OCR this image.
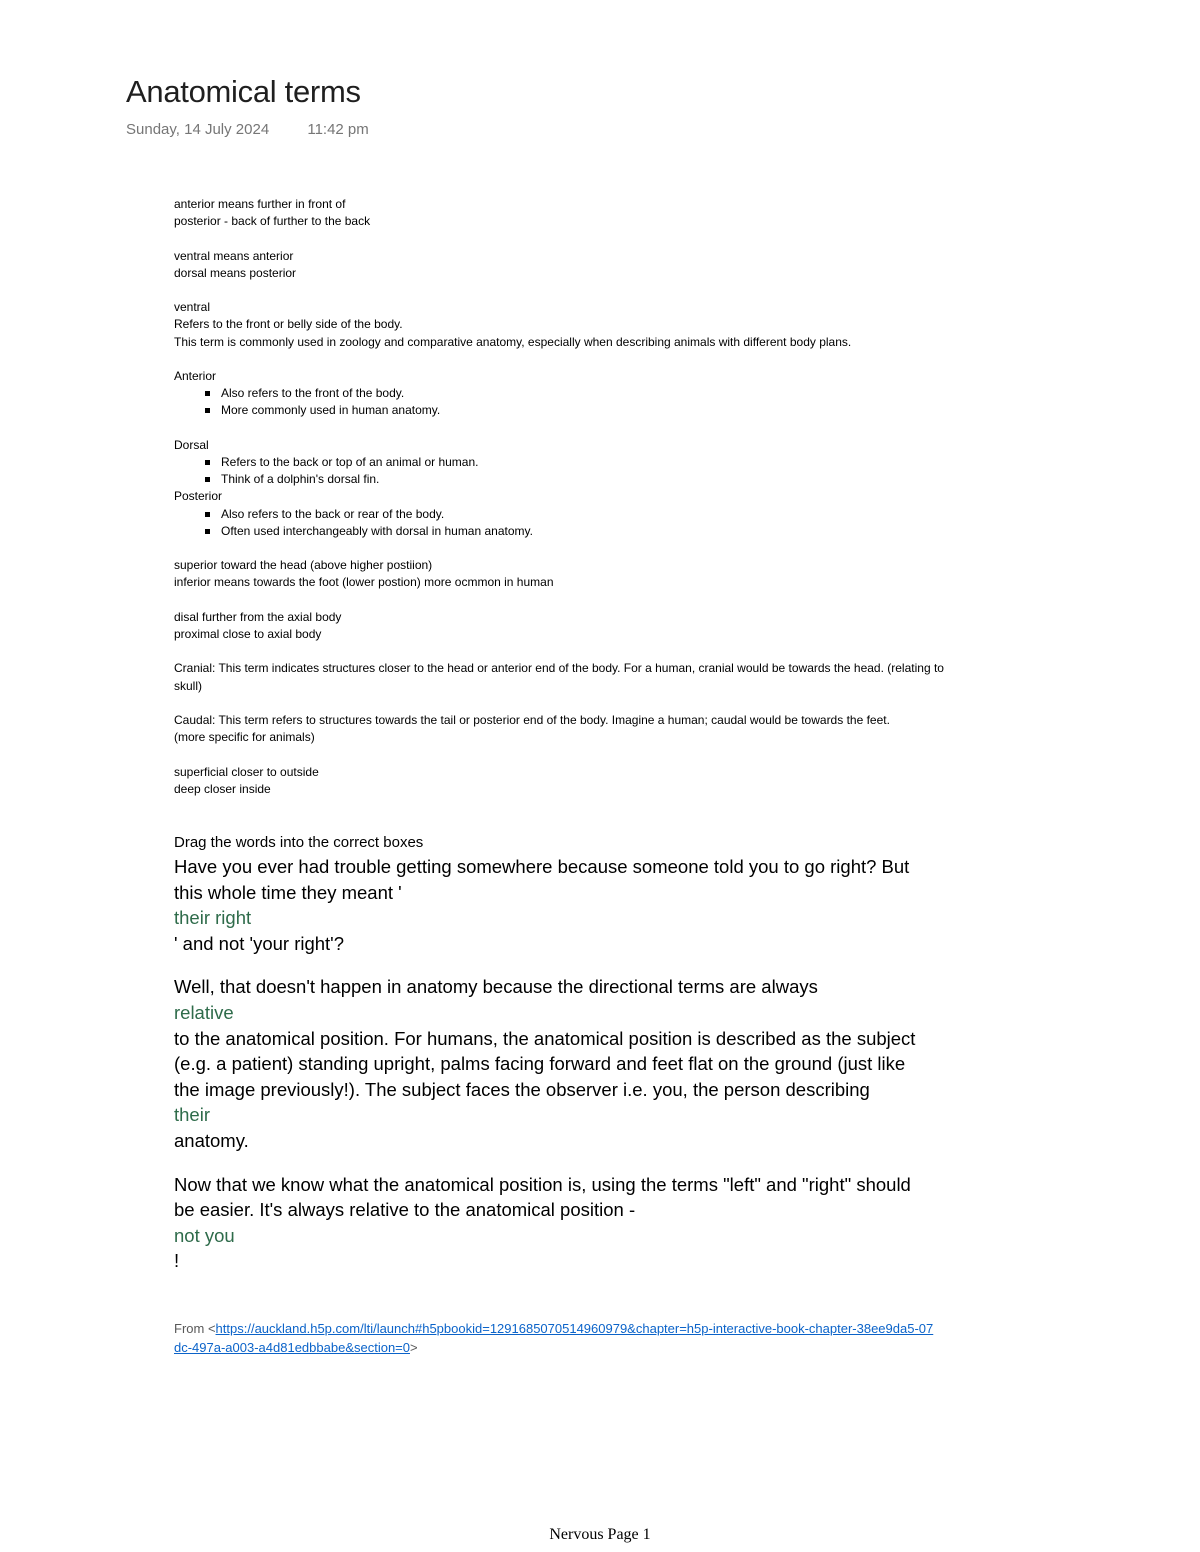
Anatomical terms
Sunday, 14 July 2024	11:42 pm

anterior means further in front of

posterior - back of further to the back

ventral means anterior

dorsal means posterior

ventral

Refers to the front or belly side of the body.

This term is commonly used in zoology and comparative anatomy, especially when describing animals with different body plans.

Anterior

Also refers to the front of the body.
More commonly used in human anatomy.

Dorsal

Refers to the back or top of an animal or human.
Think of a dolphin's dorsal fin.

Posterior

Also refers to the back or rear of the body.
Often used interchangeably with dorsal in human anatomy.

superior toward the head (above higher postiion)

inferior means towards the foot (lower postion) more ocmmon in human

disal further from the axial body

proximal close to axial body

Cranial: This term indicates structures closer to the head or anterior end of the body. For a human, cranial would be towards the head. (relating to skull)

Caudal: This term refers to structures towards the tail or posterior end of the body. Imagine a human; caudal would be towards the feet.

(more specific for animals)

superficial closer to outside

deep closer inside

Drag the words into the correct boxes

Have you ever had trouble getting somewhere because someone told you to go right? But this whole time they meant '

their right

' and not 'your right'?

Well, that doesn't happen in anatomy because the directional terms are always

relative

to the anatomical position. For humans, the anatomical position is described as the subject (e.g. a patient) standing upright, palms facing forward and feet flat on the ground (just like the image previously!). The subject faces the observer i.e. you, the person describing

their

anatomy.

Now that we know what the anatomical position is, using the terms "left" and "right" should be easier. It's always relative to the anatomical position -

not you

!

From <https://auckland.h5p.com/lti/launch#h5pbookid=1291685070514960979&chapter=h5p-interactive-book-chapter-38ee9da5-07dc-497a-a003-a4d81edbbabe&section=0>
Nervous Page 1
